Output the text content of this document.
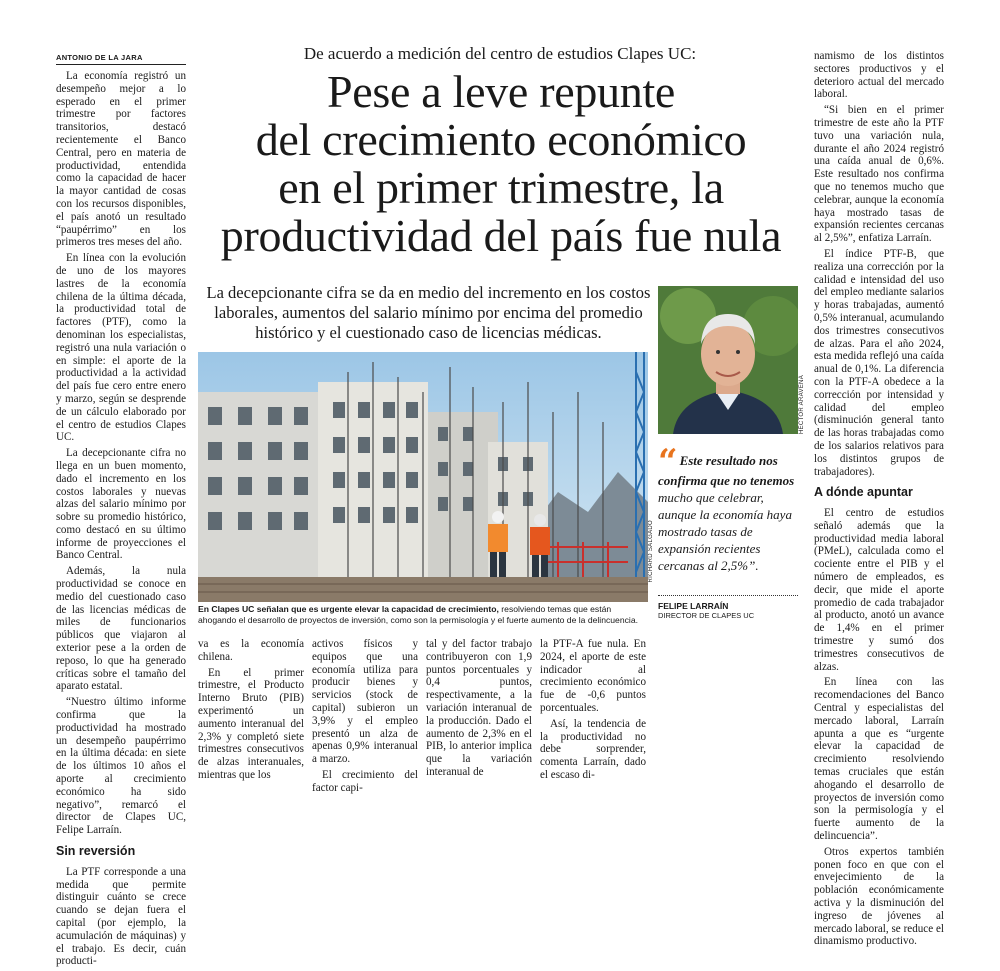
ANTONIO DE LA JARA

La economía registró un desempeño mejor a lo esperado en el primer trimestre por factores transitorios, destacó recientemente el Banco Central, pero en materia de productividad, entendida como la capacidad de hacer la mayor cantidad de cosas con los recursos disponibles, el país anotó un resultado “paupérrimo” en los primeros tres meses del año.

En línea con la evolución de uno de los mayores lastres de la economía chilena de la última década, la productividad total de factores (PTF), como la denominan los especialistas, registró una nula variación o en simple: el aporte de la productividad a la actividad del país fue cero entre enero y marzo, según se desprende de un cálculo elaborado por el centro de estudios Clapes UC.

La decepcionante cifra no llega en un buen momento, dado el incremento en los costos laborales y nuevas alzas del salario mínimo por sobre su promedio histórico, como destacó en su último informe de proyecciones el Banco Central.

Además, la nula productividad se conoce en medio del cuestionado caso de las licencias médicas de miles de funcionarios públicos que viajaron al exterior pese a la orden de reposo, lo que ha generado críticas sobre el tamaño del aparato estatal.

“Nuestro último informe confirma que la productividad ha mostrado un desempeño paupérrimo en la última década: en siete de los últimos 10 años el aporte al crecimiento económico ha sido negativo”, remarcó el director de Clapes UC, Felipe Larraín.

Sin reversión

La PTF corresponde a una medida que permite distinguir cuánto se crece cuando se dejan fuera el capital (por ejemplo, la acumulación de máquinas) y el trabajo. Es decir, cuán producti-

De acuerdo a medición del centro de estudios Clapes UC:
Pese a leve repunte
del crecimiento económico
en el primer trimestre, la
productividad del país fue nula
La decepcionante cifra se da en medio del incremento en los costos laborales, aumentos del salario mínimo por encima del promedio histórico y el cuestionado caso de licencias médicas.
RICHARD SALGADO
En Clapes UC señalan que es urgente elevar la capacidad de crecimiento, resolviendo temas que están ahogando el desarrollo de proyectos de inversión, como son la permisología y el fuerte aumento de la delincuencia.

va es la economía chilena.

En el primer trimestre, el Producto Interno Bruto (PIB) experimentó un aumento interanual del 2,3% y completó siete trimestres consecutivos de alzas interanuales, mientras que los

activos físicos y equipos que una economía utiliza para producir bienes y servicios (stock de capital) subieron un 3,9% y el empleo presentó un alza de apenas 0,9% interanual a marzo.

El crecimiento del factor capi-

tal y del factor trabajo contribuyeron con 1,9 puntos porcentuales y 0,4 puntos, respectivamente, a la variación interanual de la producción. Dado el aumento de 2,3% en el PIB, lo anterior implica que la variación interanual de

la PTF-A fue nula. En 2024, el aporte de este indicador al crecimiento económico fue de -0,6 puntos porcentuales.

Así, la tendencia de la productividad no debe sorprender, comenta Larraín, dado el escaso di-

HÉCTOR ARAVENA
“ Este resultado nos confirma que no tenemos mucho que celebrar, aunque la economía haya mostrado tasas de expansión recientes cercanas al 2,5%”.
FELIPE LARRAÍN
DIRECTOR DE CLAPES UC

namismo de los distintos sectores productivos y el deterioro actual del mercado laboral.

“Si bien en el primer trimestre de este año la PTF tuvo una variación nula, durante el año 2024 registró una caída anual de 0,6%. Este resultado nos confirma que no tenemos mucho que celebrar, aunque la economía haya mostrado tasas de expansión recientes cercanas al 2,5%”, enfatiza Larraín.

El índice PTF-B, que realiza una corrección por la calidad e intensidad del uso del empleo mediante salarios y horas trabajadas, aumentó 0,5% interanual, acumulando dos trimestres consecutivos de alzas. Para el año 2024, esta medida reflejó una caída anual de 0,1%. La diferencia con la PTF-A obedece a la corrección por intensidad y calidad del empleo (disminución general tanto de las horas trabajadas como de los salarios relativos para los distintos grupos de trabajadores).

A dónde apuntar

El centro de estudios señaló además que la productividad media laboral (PMeL), calculada como el cociente entre el PIB y el número de empleados, es decir, que mide el aporte promedio de cada trabajador al producto, anotó un avance de 1,4% en el primer trimestre y sumó dos trimestres consecutivos de alzas.

En línea con las recomendaciones del Banco Central y especialistas del mercado laboral, Larraín apunta a que es “urgente elevar la capacidad de crecimiento resolviendo temas cruciales que están ahogando el desarrollo de proyectos de inversión como son la permisología y el fuerte aumento de la delincuencia”.

Otros expertos también ponen foco en que con el envejecimiento de la población económicamente activa y la disminución del ingreso de jóvenes al mercado laboral, se reduce el dinamismo productivo.
